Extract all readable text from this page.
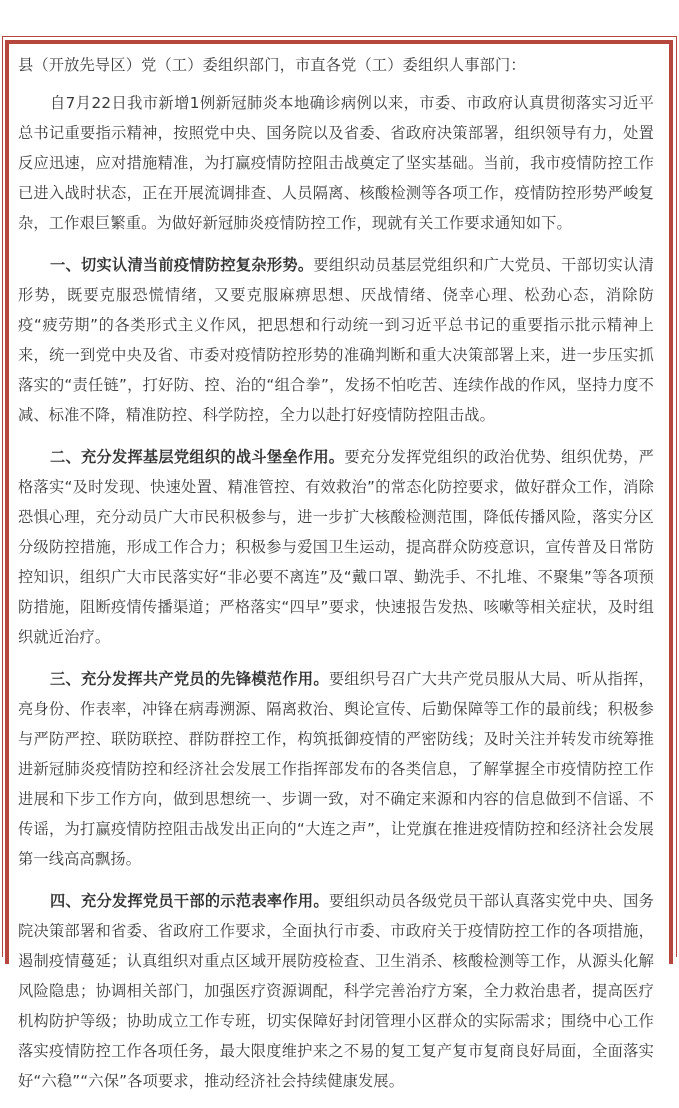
县（开放先导区）党（工）委组织部门，市直各党（工）委组织人事部门：

自7月22日我市新增1例新冠肺炎本地确诊病例以来，市委、市政府认真贯彻落实习近平总书记重要指示精神，按照党中央、国务院以及省委、省政府决策部署，组织领导有力，处置反应迅速，应对措施精准，为打赢疫情防控阻击战奠定了坚实基础。当前，我市疫情防控工作已进入战时状态，正在开展流调排查、人员隔离、核酸检测等各项工作，疫情防控形势严峻复杂，工作艰巨繁重。为做好新冠肺炎疫情防控工作，现就有关工作要求通知如下。

一、切实认清当前疫情防控复杂形势。要组织动员基层党组织和广大党员、干部切实认清形势，既要克服恐慌情绪，又要克服麻痹思想、厌战情绪、侥幸心理、松劲心态，消除防疫“疲劳期”的各类形式主义作风，把思想和行动统一到习近平总书记的重要指示批示精神上来，统一到党中央及省、市委对疫情防控形势的准确判断和重大决策部署上来，进一步压实抓落实的“责任链”，打好防、控、治的“组合拳”，发扬不怕吃苦、连续作战的作风，坚持力度不减、标准不降，精准防控、科学防控，全力以赴打好疫情防控阻击战。

二、充分发挥基层党组织的战斗堡垒作用。要充分发挥党组织的政治优势、组织优势，严格落实“及时发现、快速处置、精准管控、有效救治”的常态化防控要求，做好群众工作，消除恐惧心理，充分动员广大市民积极参与，进一步扩大核酸检测范围，降低传播风险，落实分区分级防控措施，形成工作合力；积极参与爱国卫生运动，提高群众防疫意识，宣传普及日常防控知识，组织广大市民落实好“非必要不离连”及“戴口罩、勤洗手、不扎堆、不聚集”等各项预防措施，阻断疫情传播渠道；严格落实“四早”要求，快速报告发热、咳嗽等相关症状，及时组织就近治疗。

三、充分发挥共产党员的先锋模范作用。要组织号召广大共产党员服从大局、听从指挥，亮身份、作表率，冲锋在病毒溯源、隔离救治、舆论宣传、后勤保障等工作的最前线；积极参与严防严控、联防联控、群防群控工作，构筑抵御疫情的严密防线；及时关注并转发市统筹推进新冠肺炎疫情防控和经济社会发展工作指挥部发布的各类信息，了解掌握全市疫情防控工作进展和下步工作方向，做到思想统一、步调一致，对不确定来源和内容的信息做到不信谣、不传谣，为打赢疫情防控阻击战发出正向的“大连之声”，让党旗在推进疫情防控和经济社会发展第一线高高飘扬。

四、充分发挥党员干部的示范表率作用。要组织动员各级党员干部认真落实党中央、国务院决策部署和省委、省政府工作要求，全面执行市委、市政府关于疫情防控工作的各项措施，遏制疫情蔓延；认真组织对重点区域开展防疫检查、卫生消杀、核酸检测等工作，从源头化解风险隐患；协调相关部门，加强医疗资源调配，科学完善治疗方案，全力救治患者，提高医疗机构防护等级；协助成立工作专班，切实保障好封闭管理小区群众的实际需求；围绕中心工作落实疫情防控工作各项任务，最大限度维护来之不易的复工复产复市复商良好局面，全面落实好“六稳”“六保”各项要求，推动经济社会持续健康发展。
